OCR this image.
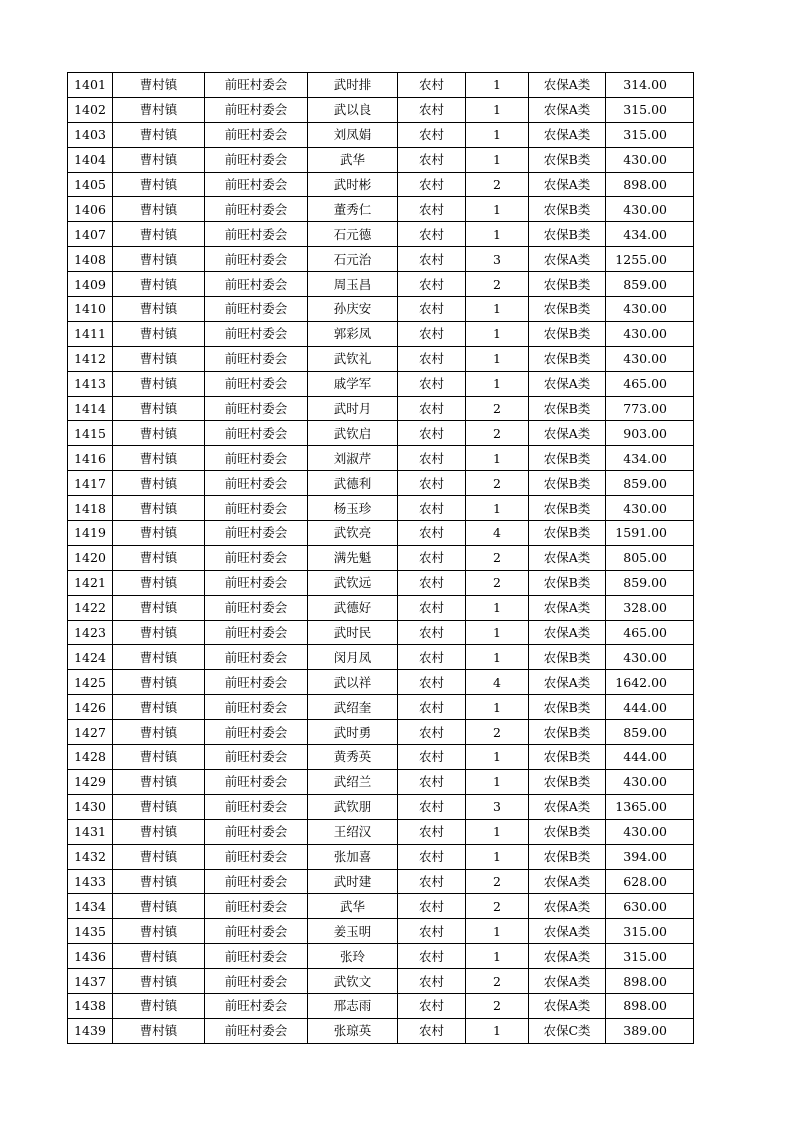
1401	曹村镇	前旺村委会	武时排	农村	1	农保A类	314.00
1402	曹村镇	前旺村委会	武以良	农村	1	农保A类	315.00
1403	曹村镇	前旺村委会	刘凤娟	农村	1	农保A类	315.00
1404	曹村镇	前旺村委会	武华	农村	1	农保B类	430.00
1405	曹村镇	前旺村委会	武时彬	农村	2	农保A类	898.00
1406	曹村镇	前旺村委会	董秀仁	农村	1	农保B类	430.00
1407	曹村镇	前旺村委会	石元德	农村	1	农保B类	434.00
1408	曹村镇	前旺村委会	石元治	农村	3	农保A类	1255.00
1409	曹村镇	前旺村委会	周玉昌	农村	2	农保B类	859.00
1410	曹村镇	前旺村委会	孙庆安	农村	1	农保B类	430.00
1411	曹村镇	前旺村委会	郭彩凤	农村	1	农保B类	430.00
1412	曹村镇	前旺村委会	武钦礼	农村	1	农保B类	430.00
1413	曹村镇	前旺村委会	戚学军	农村	1	农保A类	465.00
1414	曹村镇	前旺村委会	武时月	农村	2	农保B类	773.00
1415	曹村镇	前旺村委会	武钦启	农村	2	农保A类	903.00
1416	曹村镇	前旺村委会	刘淑芹	农村	1	农保B类	434.00
1417	曹村镇	前旺村委会	武德利	农村	2	农保B类	859.00
1418	曹村镇	前旺村委会	杨玉珍	农村	1	农保B类	430.00
1419	曹村镇	前旺村委会	武钦亮	农村	4	农保B类	1591.00
1420	曹村镇	前旺村委会	满先魁	农村	2	农保A类	805.00
1421	曹村镇	前旺村委会	武钦远	农村	2	农保B类	859.00
1422	曹村镇	前旺村委会	武德好	农村	1	农保A类	328.00
1423	曹村镇	前旺村委会	武时民	农村	1	农保A类	465.00
1424	曹村镇	前旺村委会	闵月凤	农村	1	农保B类	430.00
1425	曹村镇	前旺村委会	武以祥	农村	4	农保A类	1642.00
1426	曹村镇	前旺村委会	武绍奎	农村	1	农保B类	444.00
1427	曹村镇	前旺村委会	武时勇	农村	2	农保B类	859.00
1428	曹村镇	前旺村委会	黄秀英	农村	1	农保B类	444.00
1429	曹村镇	前旺村委会	武绍兰	农村	1	农保B类	430.00
1430	曹村镇	前旺村委会	武钦朋	农村	3	农保A类	1365.00
1431	曹村镇	前旺村委会	王绍汉	农村	1	农保B类	430.00
1432	曹村镇	前旺村委会	张加喜	农村	1	农保B类	394.00
1433	曹村镇	前旺村委会	武时建	农村	2	农保A类	628.00
1434	曹村镇	前旺村委会	武华	农村	2	农保A类	630.00
1435	曹村镇	前旺村委会	姜玉明	农村	1	农保A类	315.00
1436	曹村镇	前旺村委会	张玲	农村	1	农保A类	315.00
1437	曹村镇	前旺村委会	武钦文	农村	2	农保A类	898.00
1438	曹村镇	前旺村委会	邢志雨	农村	2	农保A类	898.00
1439	曹村镇	前旺村委会	张琼英	农村	1	农保C类	389.00
